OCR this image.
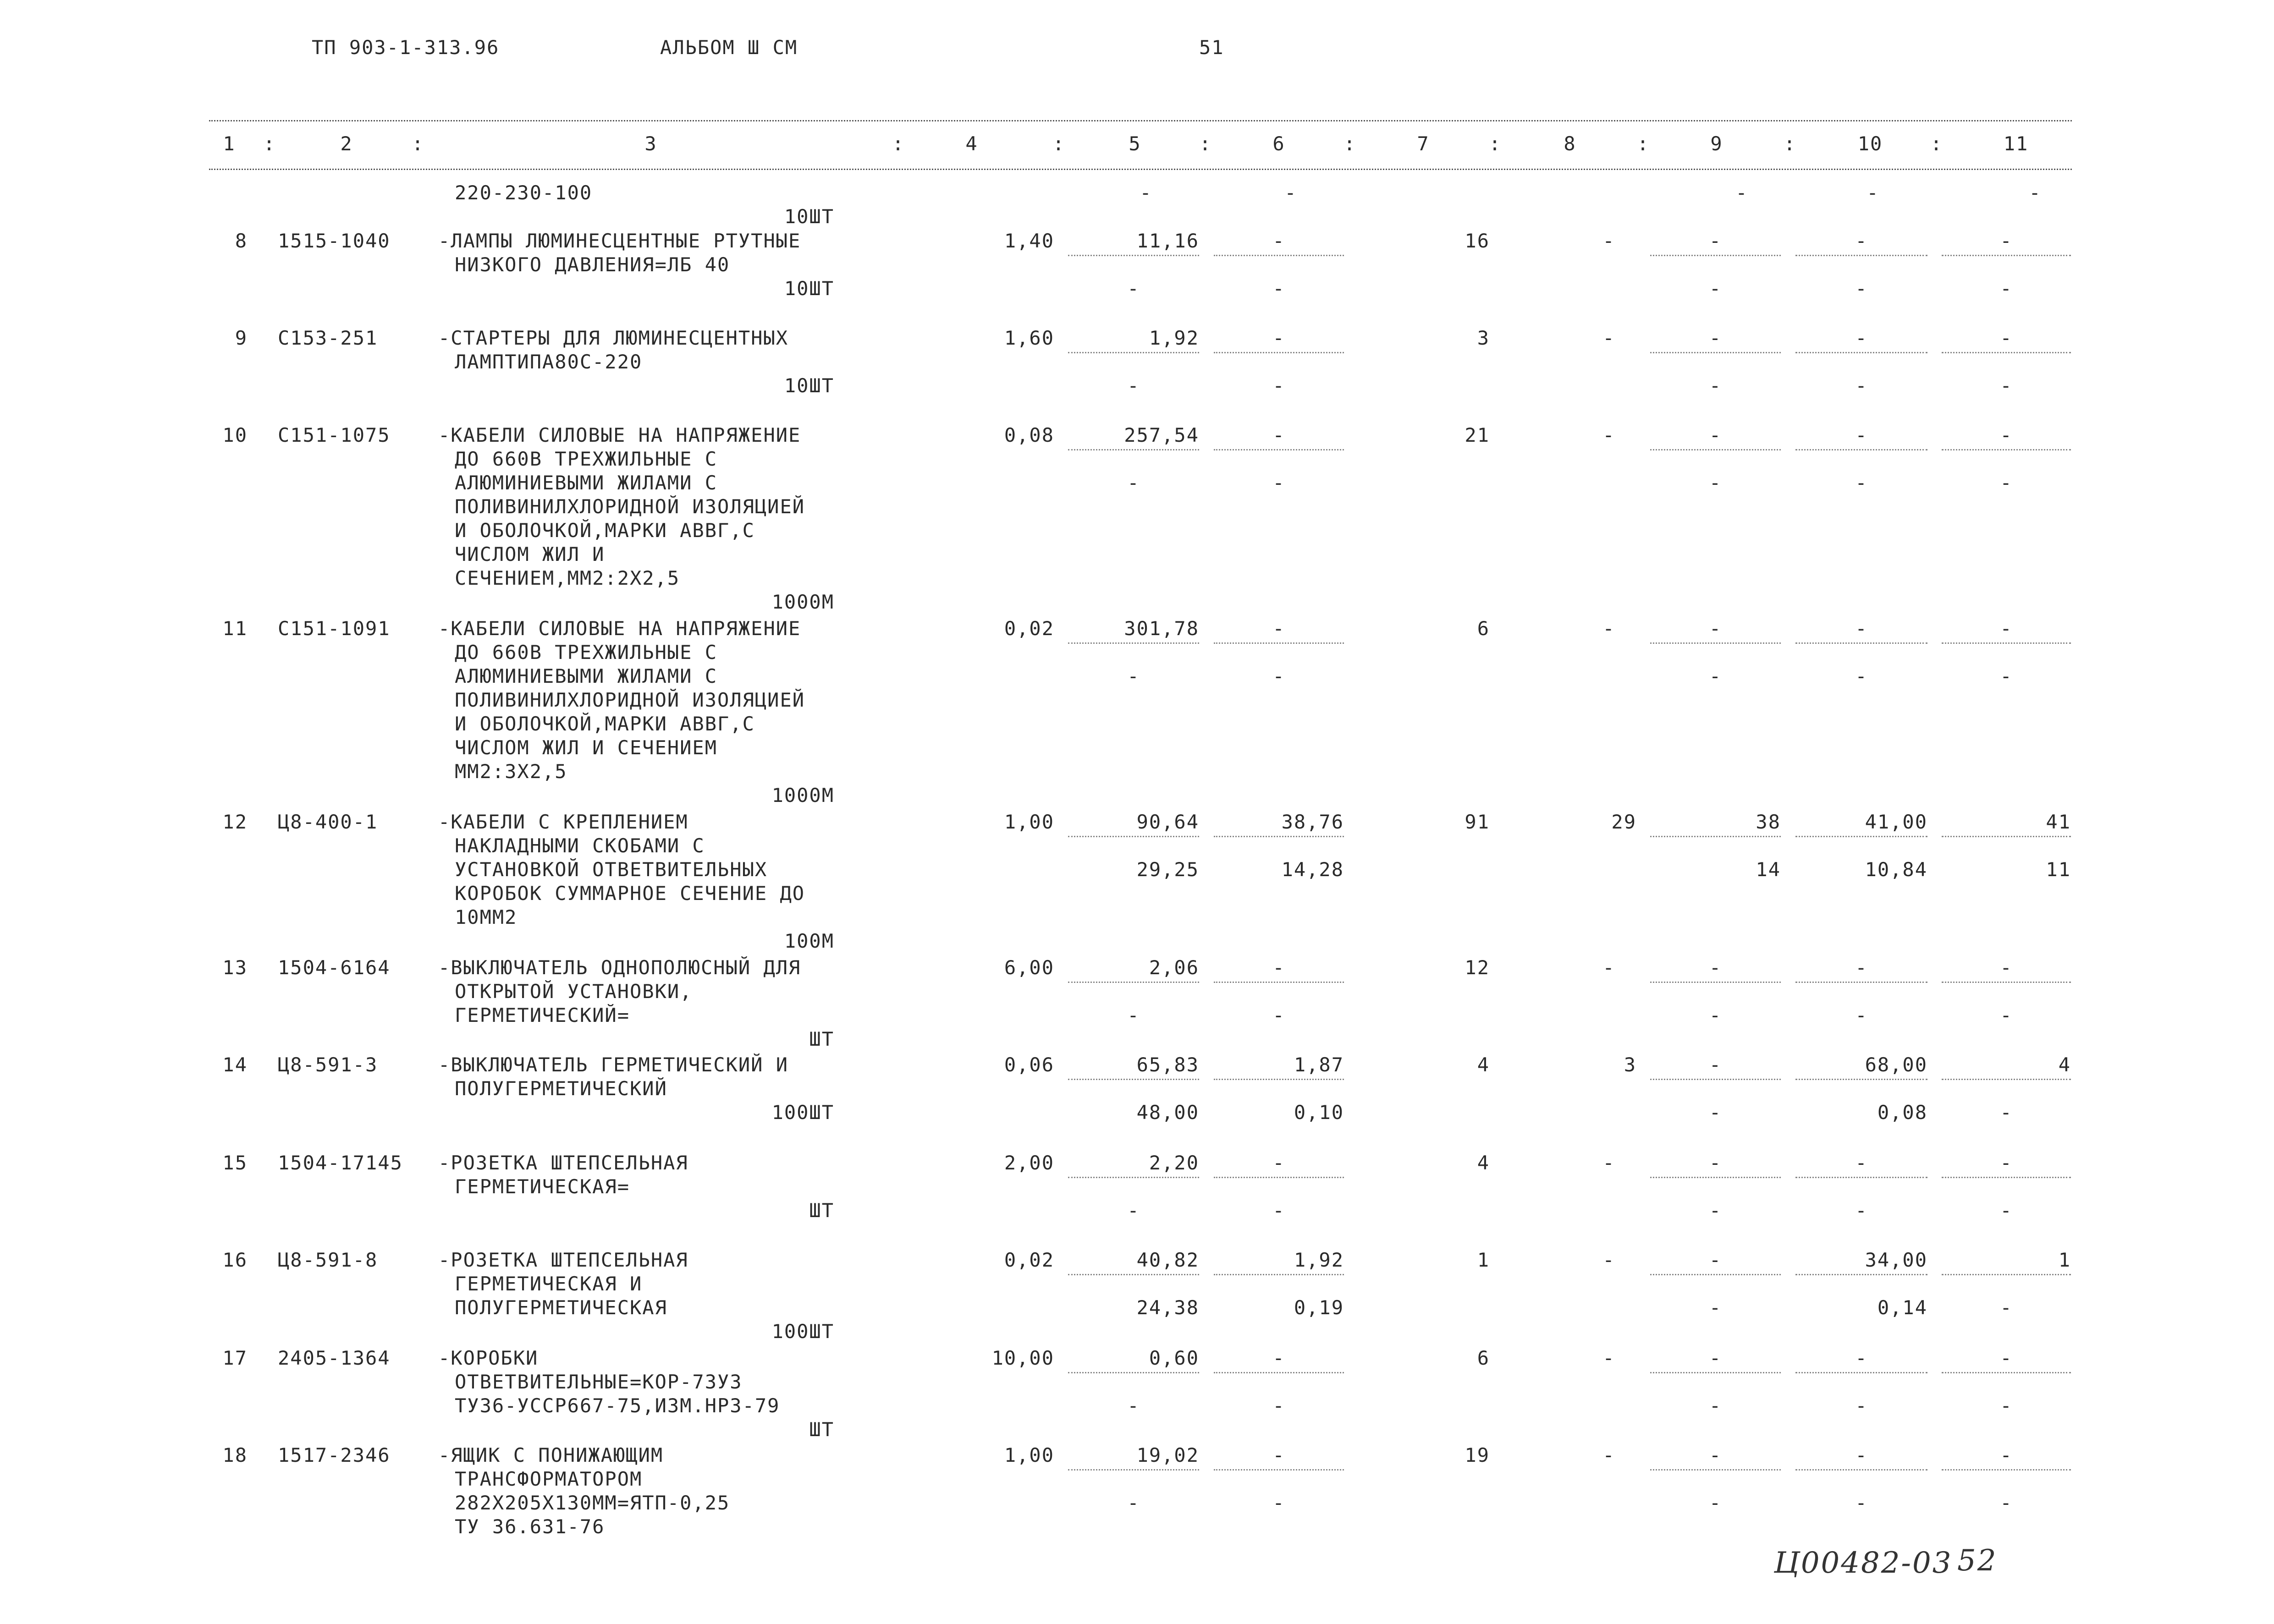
ТП 903-1-313.96	АЛЬБОМ Ш СМ	51
1	:	2	:	3	:	4	:	5	:	6	:	7	:	8	:	9	:	10	:	11
220-230-100
10ШТ
-	-	-	-	-
8 1515-1040 -ЛАМПЫ ЛЮМИНЕСЦЕНТНЫЕ РТУТНЫЕ
НИЗКОГО ДАВЛЕНИЯ=ЛБ 40
10ШТ
1,40	11,16	-	16	-	-	-	-
-	-	-	-	-
9 С153-251	-СТАРТЕРЫ ДЛЯ ЛЮМИНЕСЦЕНТНЫХ
ЛАМПТИПА80С-220
10ШТ
1,60	1,92	-	3	-	-	-	-
-	-	-	-	-
10 С151-1075 -КАБЕЛИ СИЛОВЫЕ НА НАПРЯЖЕНИЕ
ДО 660В ТРЕХЖИЛЬНЫЕ С
АЛЮМИНИЕВЫМИ ЖИЛАМИ С
ПОЛИВИНИЛХЛОРИДНОЙ ИЗОЛЯЦИЕЙ
И ОБОЛОЧКОЙ,МАРКИ АВВГ,С
ЧИСЛОМ ЖИЛ И
СЕЧЕНИЕМ,ММ2:2Х2,5
1000М
0,08	257,54	-	21	-	-	-	-
-	-	-	-	-
11 С151-1091 -КАБЕЛИ СИЛОВЫЕ НА НАПРЯЖЕНИЕ
ДО 660В ТРЕХЖИЛЬНЫЕ С
АЛЮМИНИЕВЫМИ ЖИЛАМИ С
ПОЛИВИНИЛХЛОРИДНОЙ ИЗОЛЯЦИЕЙ
И ОБОЛОЧКОЙ,МАРКИ АВВГ,С
ЧИСЛОМ ЖИЛ И СЕЧЕНИЕМ
ММ2:3Х2,5
1000М
0,02	301,78	-	6	-	-	-	-
-	-	-	-	-
12 Ц8-400-1	-КАБЕЛИ С КРЕПЛЕНИЕМ
НАКЛАДНЫМИ СКОБАМИ С
УСТАНОВКОЙ ОТВЕТВИТЕЛЬНЫХ
КОРОБОК СУММАРНОЕ СЕЧЕНИЕ ДО
10ММ2
100М
1,00	90,64	38,76	91	29	38	41,00	41
29,25	14,28	14	10,84	11
13 1504-6164 -ВЫКЛЮЧАТЕЛЬ ОДНОПОЛЮСНЫЙ ДЛЯ
ОТКРЫТОЙ УСТАНОВКИ,
ГЕРМЕТИЧЕСКИЙ=
ШТ
6,00	2,06	-	12	-	-	-	-
-	-	-	-	-
14 Ц8-591-3	-ВЫКЛЮЧАТЕЛЬ ГЕРМЕТИЧЕСКИЙ И
ПОЛУГЕРМЕТИЧЕСКИЙ
100ШТ
0,06	65,83	1,87	4	3	-	68,00	4
48,00	0,10	-	0,08	-
15 1504-17145 -РОЗЕТКА ШТЕПСЕЛЬНАЯ
ГЕРМЕТИЧЕСКАЯ=
ШТ
2,00	2,20	-	4	-	-	-	-
-	-	-	-	-
16 Ц8-591-8	-РОЗЕТКА ШТЕПСЕЛЬНАЯ
ГЕРМЕТИЧЕСКАЯ И
ПОЛУГЕРМЕТИЧЕСКАЯ
100ШТ
0,02	40,82	1,92	1	-	-	34,00	1
24,38	0,19	-	0,14	-
17 2405-1364 -КОРОБКИ
ОТВЕТВИТЕЛЬНЫЕ=КОР-73У3
ТУ36-УССР667-75,ИЗМ.НР3-79
ШТ
10,00	0,60	-	6	-	-	-	-
-	-	-	-	-
18 1517-2346 -ЯЩИК С ПОНИЖАЮЩИМ
ТРАНСФОРМАТОРОМ
282Х205Х130ММ=ЯТП-0,25
ТУ 36.631-76
1,00	19,02	-	19	-	-	-	-
-	-	-	-	-
Ц00482-03 52
